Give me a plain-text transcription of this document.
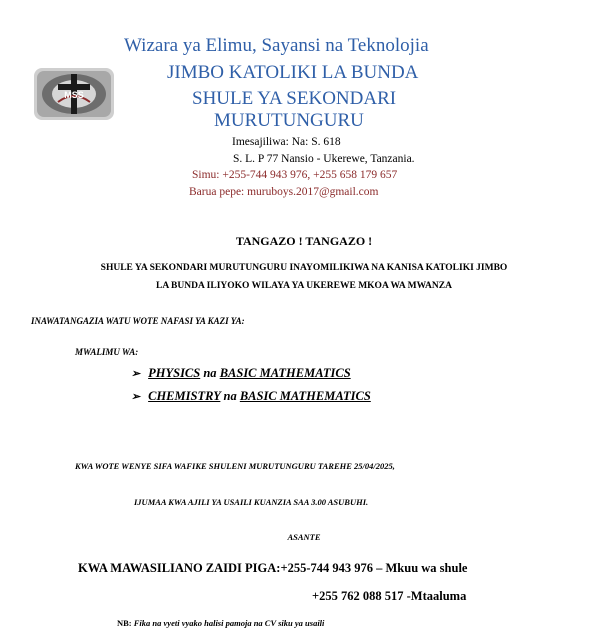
Wizara ya Elimu, Sayansi na Teknolojia
JIMBO KATOLIKI LA BUNDA
SHULE YA SEKONDARI
MURUTUNGURU
Imesajiliwa: Na: S. 618
S. L. P 77 Nansio - Ukerewe, Tanzania.
Simu: +255-744 943 976, +255 658 179 657
Barua pepe: muruboys.2017@gmail.com
MSS
TANGAZO ! TANGAZO !
SHULE YA SEKONDARI MURUTUNGURU INAYOMILIKIWA NA KANISA KATOLIKI JIMBO
LA BUNDA ILIYOKO WILAYA YA UKEREWE MKOA WA MWANZA
INAWATANGAZIA WATU WOTE NAFASI YA KAZI YA:
MWALIMU WA:
➢ PHYSICS na BASIC MATHEMATICS
➢ CHEMISTRY na BASIC MATHEMATICS
KWA WOTE WENYE SIFA WAFIKE SHULENI MURUTUNGURU TAREHE 25/04/2025,
IJUMAA KWA AJILI YA USAILI KUANZIA SAA 3.00 ASUBUHI.
ASANTE
KWA MAWASILIANO ZAIDI PIGA:+255-744 943 976 – Mkuu wa shule
+255 762 088 517 -Mtaaluma
NB: Fika na vyeti vyako halisi pamoja na CV siku ya usaili
